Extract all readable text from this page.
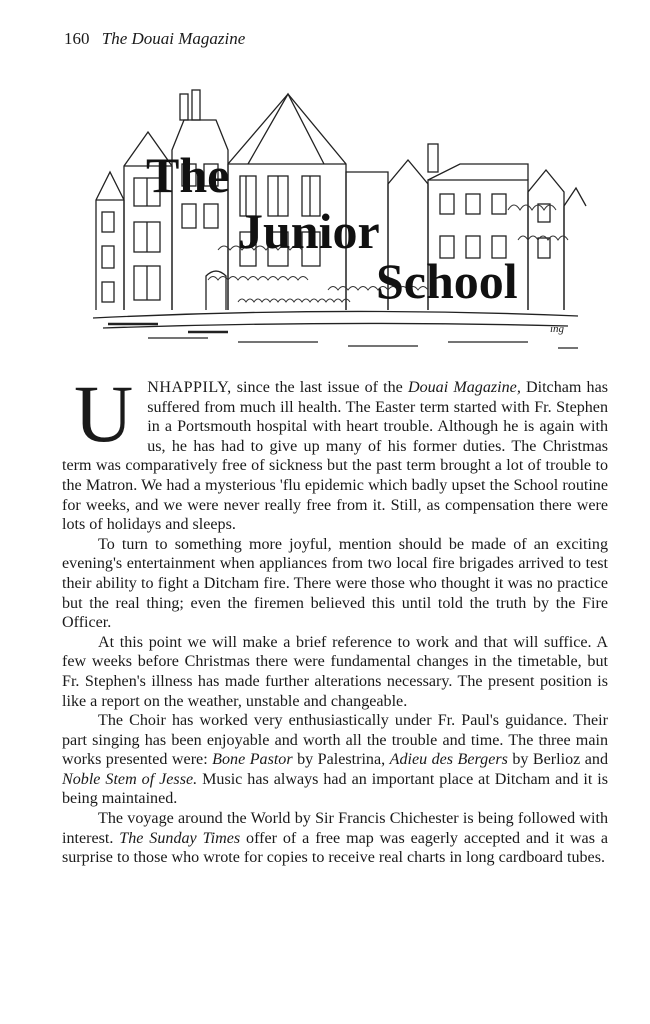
160 The Douai Magazine
The
Junior
School
ing

UNHAPPILY, since the last issue of the Douai Magazine, Ditcham has suffered from much ill health. The Easter term started with Fr. Stephen in a Portsmouth hospital with heart trouble. Although he is again with us, he has had to give up many of his former duties. The Christmas term was comparatively free of sickness but the past term brought a lot of trouble to the Matron. We had a mysterious 'flu epidemic which badly upset the School routine for weeks, and we were never really free from it. Still, as compensation there were lots of holidays and sleeps.

To turn to something more joyful, mention should be made of an exciting evening's entertainment when appliances from two local fire brigades arrived to test their ability to fight a Ditcham fire. There were those who thought it was no practice but the real thing; even the firemen believed this until told the truth by the Fire Officer.

At this point we will make a brief reference to work and that will suffice. A few weeks before Christmas there were fundamental changes in the timetable, but Fr. Stephen's illness has made further alterations necessary. The present position is like a report on the weather, unstable and changeable.

The Choir has worked very enthusiastically under Fr. Paul's guidance. Their part singing has been enjoyable and worth all the trouble and time. The three main works presented were: Bone Pastor by Palestrina, Adieu des Bergers by Berlioz and Noble Stem of Jesse. Music has always had an important place at Ditcham and it is being maintained.

The voyage around the World by Sir Francis Chichester is being followed with interest. The Sunday Times offer of a free map was eagerly accepted and it was a surprise to those who wrote for copies to receive real charts in long cardboard tubes.
